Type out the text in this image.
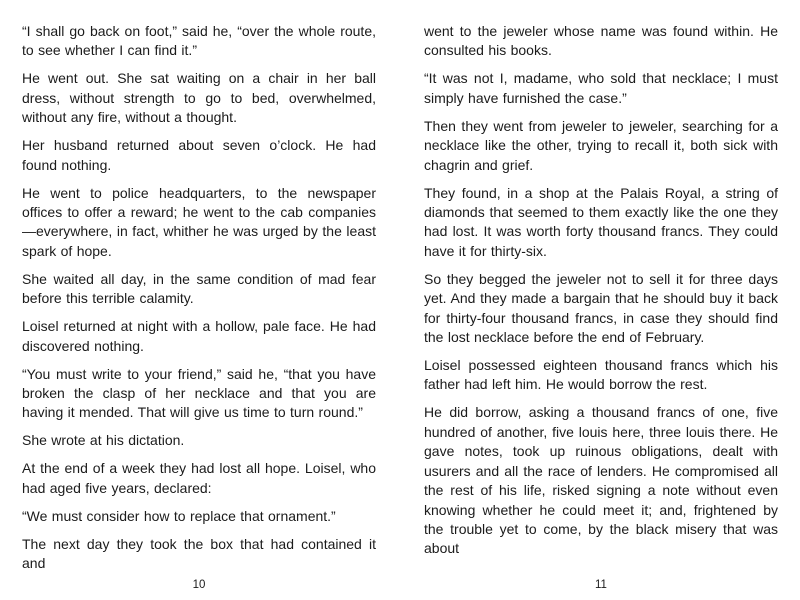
“I shall go back on foot,” said he, “over the whole route, to see whether I can find it.”

He went out. She sat waiting on a chair in her ball dress, without strength to go to bed, overwhelmed, without any fire, without a thought.

Her husband returned about seven o’clock. He had found nothing.

He went to police headquarters, to the newspaper offices to offer a reward; he went to the cab companies—everywhere, in fact, whither he was urged by the least spark of hope.

She waited all day, in the same condition of mad fear before this terrible calamity.

Loisel returned at night with a hollow, pale face. He had discovered nothing.

“You must write to your friend,” said he, “that you have broken the clasp of her necklace and that you are having it mended. That will give us time to turn round.”

She wrote at his dictation.

At the end of a week they had lost all hope. Loisel, who had aged five years, declared:

“We must consider how to replace that ornament.”

The next day they took the box that had contained it and

10

went to the jeweler whose name was found within. He consulted his books.

“It was not I, madame, who sold that necklace; I must simply have furnished the case.”

Then they went from jeweler to jeweler, searching for a necklace like the other, trying to recall it, both sick with chagrin and grief.

They found, in a shop at the Palais Royal, a string of diamonds that seemed to them exactly like the one they had lost. It was worth forty thousand francs. They could have it for thirty-six.

So they begged the jeweler not to sell it for three days yet. And they made a bargain that he should buy it back for thirty-four thousand francs, in case they should find the lost necklace before the end of February.

Loisel possessed eighteen thousand francs which his father had left him. He would borrow the rest.

He did borrow, asking a thousand francs of one, five hundred of another, five louis here, three louis there. He gave notes, took up ruinous obligations, dealt with usurers and all the race of lenders. He compromised all the rest of his life, risked signing a note without even knowing whether he could meet it; and, frightened by the trouble yet to come, by the black misery that was about

11
